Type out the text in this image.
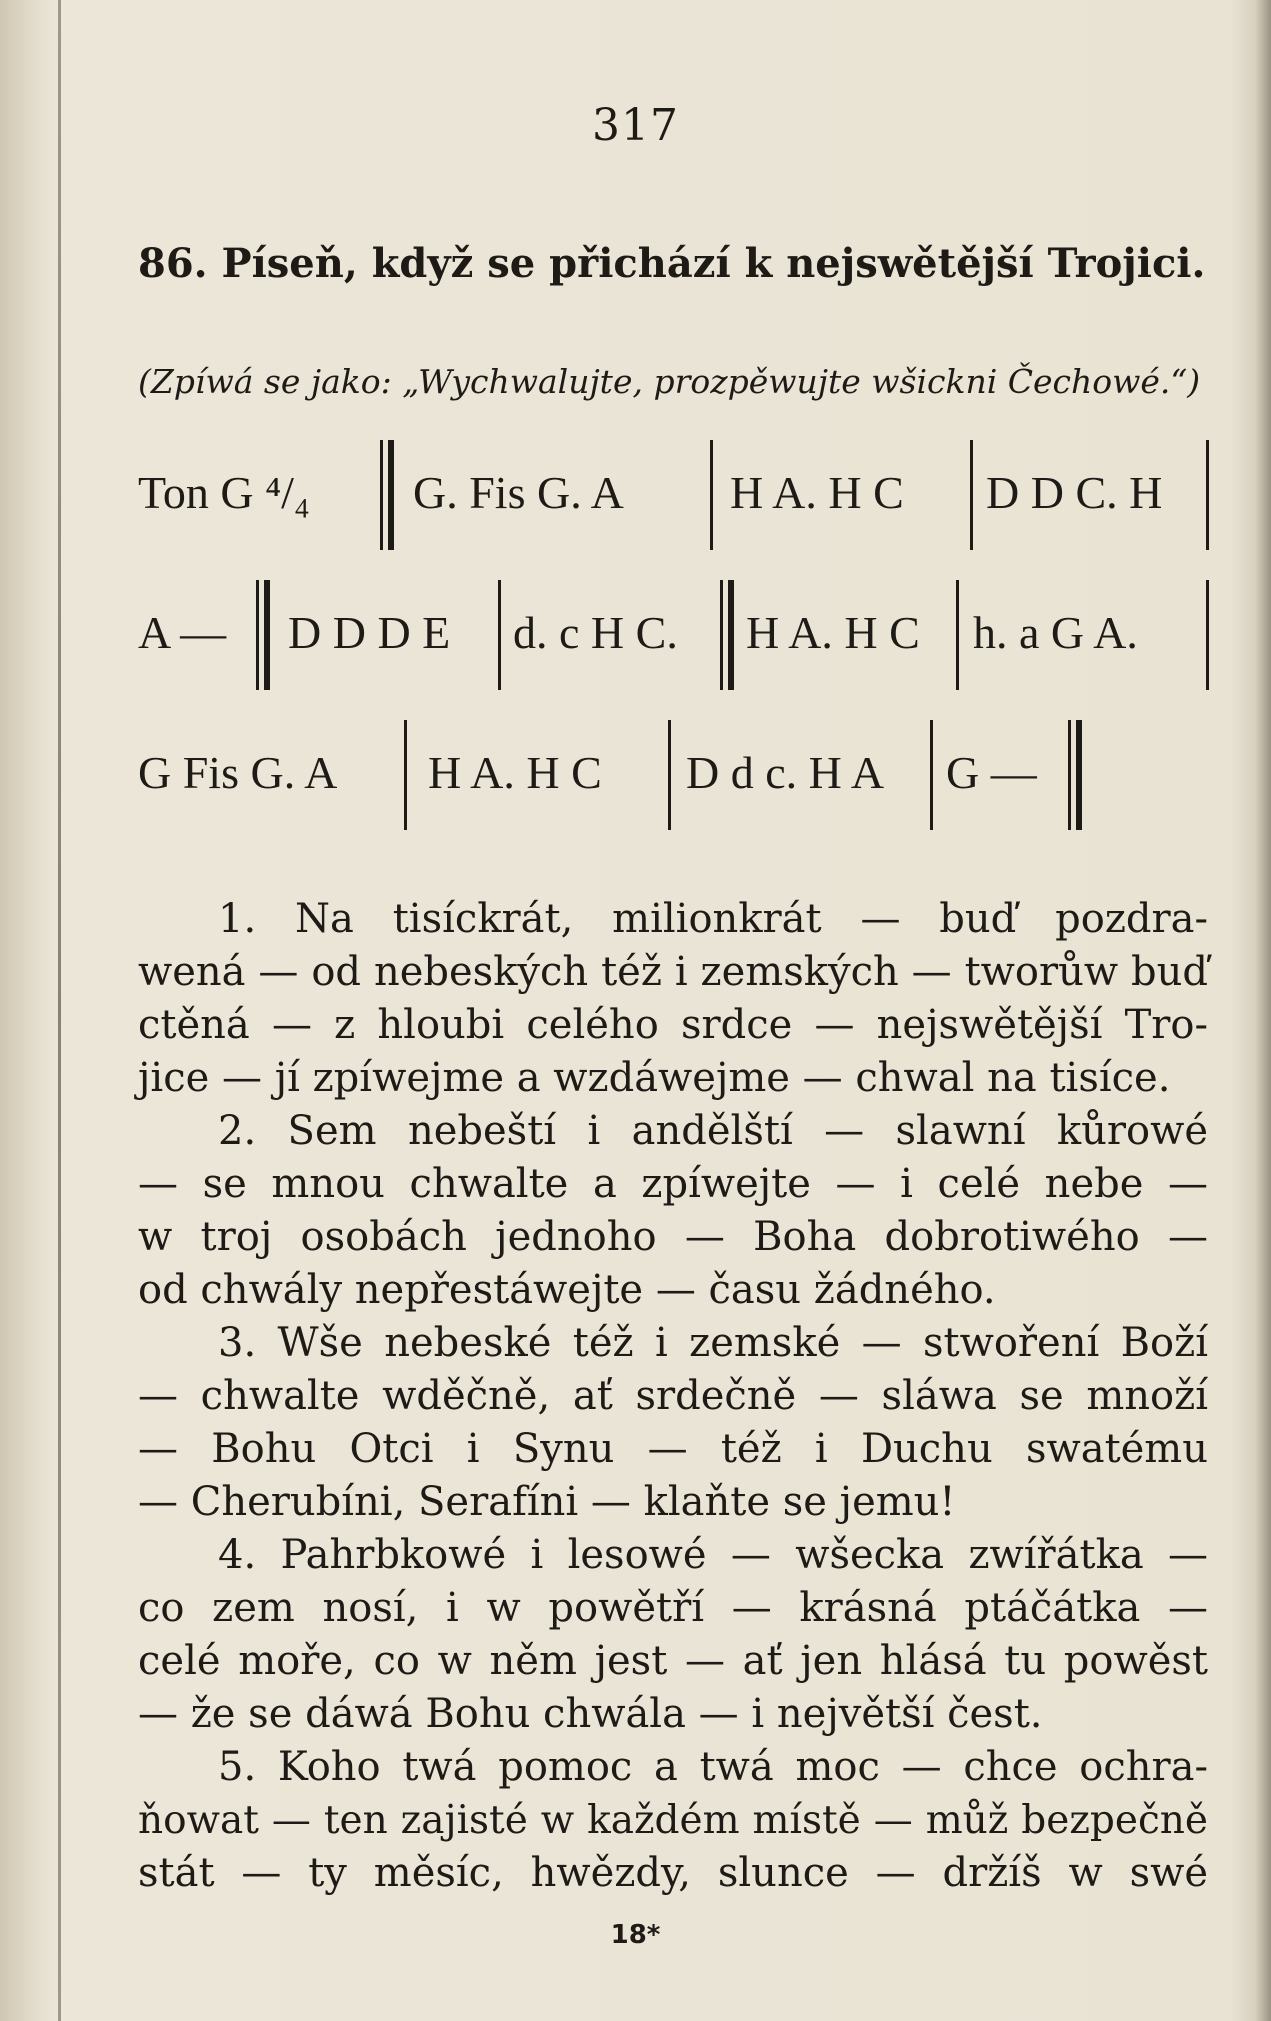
317
86. Píseň, když se přichází k nejswětější Trojici.
(Zpíwá se jako: „Wychwalujte, prozpěwujte wšickni Čechowé.“)
Ton G ⁴/₄ G. Fis G. A H A. H C D D C. H
A — D D D E d. c H C. H A. H C h. a G A.
G Fis G. A H A. H C D d c. H A G —
1. Na tisíckrát, milionkrát — buď pozdra-
wená — od nebeských též i zemských — tworůw buď
ctěná — z hloubi celého srdce — nejswětější Tro-
jice — jí zpíwejme a wzdáwejme — chwal na tisíce.
2. Sem nebeští i andělští — slawní kůrowé
— se mnou chwalte a zpíwejte — i celé nebe —
w troj osobách jednoho — Boha dobrotiwého —
od chwály nepřestáwejte — času žádného.
3. Wše nebeské též i zemské — stwoření Boží
— chwalte wděčně, ať srdečně — sláwa se množí
— Bohu Otci i Synu — též i Duchu swatému
— Cherubíni, Serafíni — klaňte se jemu!
4. Pahrbkowé i lesowé — wšecka zwířátka —
co zem nosí, i w powětří — krásná ptáčátka —
celé moře, co w něm jest — ať jen hlásá tu powěst
— že se dáwá Bohu chwála — i největší čest.
5. Koho twá pomoc a twá moc — chce ochra-
ňowat — ten zajisté w každém místě — můž bezpečně
stát — ty měsíc, hwězdy, slunce — držíš w swé
18*
